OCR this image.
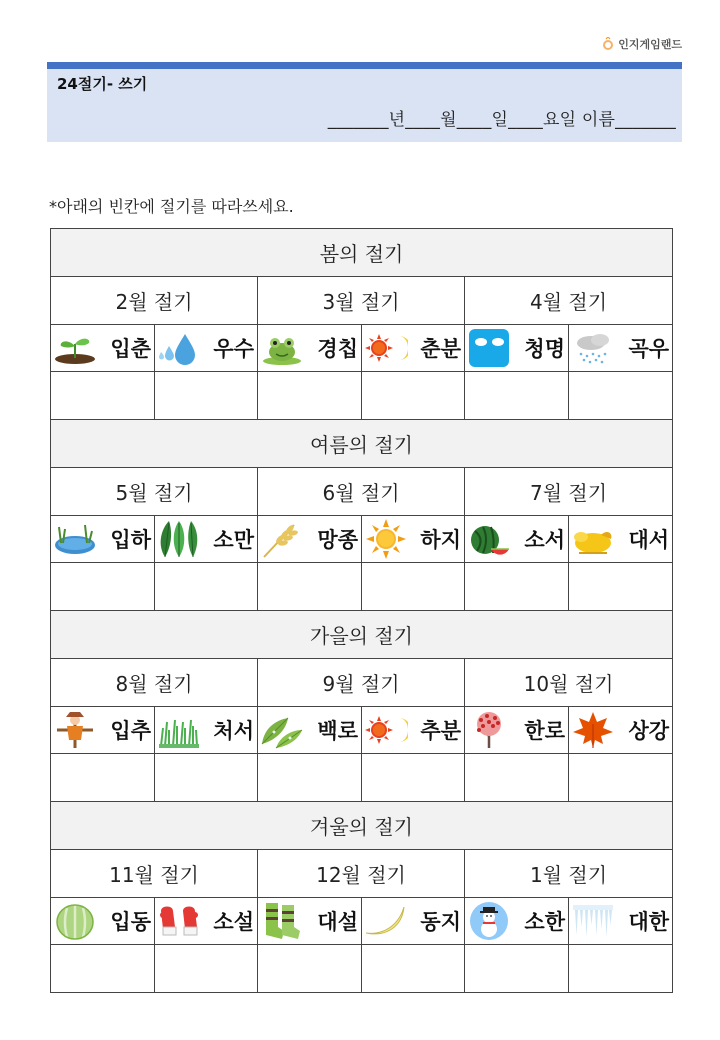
인지게임랜드
24절기- 쓰기
_______년____월____일____요일 이름_______
*아래의 빈칸에 절기를 따라쓰세요.
봄의 절기					
2월 절기		3월 절기		4월 절기	

입춘	우수	경칩	춘분	청명	곡우

여름의 절기					
5월 절기		6월 절기		7월 절기	

입하	소만	망종	하지	소서	대서

가을의 절기					
8월 절기		9월 절기		10월 절기	

입추	처서	백로	추분	한로	상강

겨울의 절기					
11월 절기		12월 절기		1월 절기	

입동	소설	대설	동지	소한	대한
